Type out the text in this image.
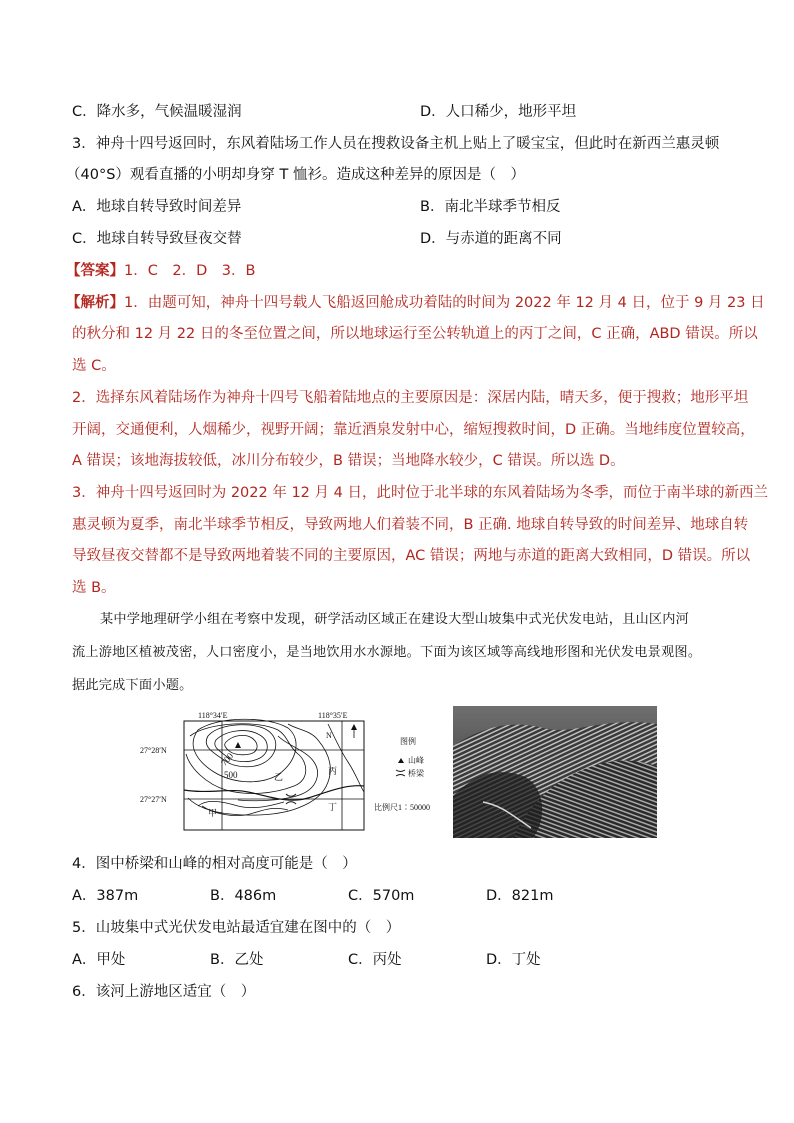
C．降水多，气候温暖湿润	D．人口稀少，地形平坦
3．神舟十四号返回时，东风着陆场工作人员在搜救设备主机上贴上了暖宝宝，但此时在新西兰惠灵顿
（40°S）观看直播的小明却身穿 T 恤衫。造成这种差异的原因是（　）
A．地球自转导致时间差异	B．南北半球季节相反
C．地球自转导致昼夜交替	D．与赤道的距离不同
【答案】1．C　2．D　3．B
【解析】1．由题可知，神舟十四号载人飞船返回舱成功着陆的时间为 2022 年 12 月 4 日，位于 9 月 23 日
的秋分和 12 月 22 日的冬至位置之间，所以地球运行至公转轨道上的丙丁之间，C 正确，ABD 错误。所以
选 C。
2．选择东风着陆场作为神舟十四号飞船着陆地点的主要原因是：深居内陆，晴天多，便于搜救；地形平坦
开阔，交通便利，人烟稀少，视野开阔；靠近酒泉发射中心，缩短搜救时间，D 正确。当地纬度位置较高，
A 错误；该地海拔较低，冰川分布较少，B 错误；当地降水较少，C 错误。所以选 D。
3．神舟十四号返回时为 2022 年 12 月 4 日，此时位于北半球的东风着陆场为冬季，而位于南半球的新西兰
惠灵顿为夏季，南北半球季节相反，导致两地人们着装不同，B 正确. 地球自转导致的时间差异、地球自转
导致昼夜交替都不是导致两地着装不同的主要原因，AC 错误；两地与赤道的距离大致相同，D 错误。所以
选 B。
某中学地理研学小组在考察中发现，研学活动区域正在建设大型山坡集中式光伏发电站，且山区内河
流上游地区植被茂密，人口密度小，是当地饮用水水源地。下面为该区域等高线地形图和光伏发电景观图。
据此完成下面小题。
118°34′E	118°35′E
27°28′N
27°27′N
N
700
500
甲
乙
丙
丁
图例
山峰
桥梁
比例尺1∶50000
4．图中桥梁和山峰的相对高度可能是（　）
A．387m	B．486m	C．570m	D．821m
5．山坡集中式光伏发电站最适宜建在图中的（　）
A．甲处	B．乙处	C．丙处	D．丁处
6．该河上游地区适宜（　）
